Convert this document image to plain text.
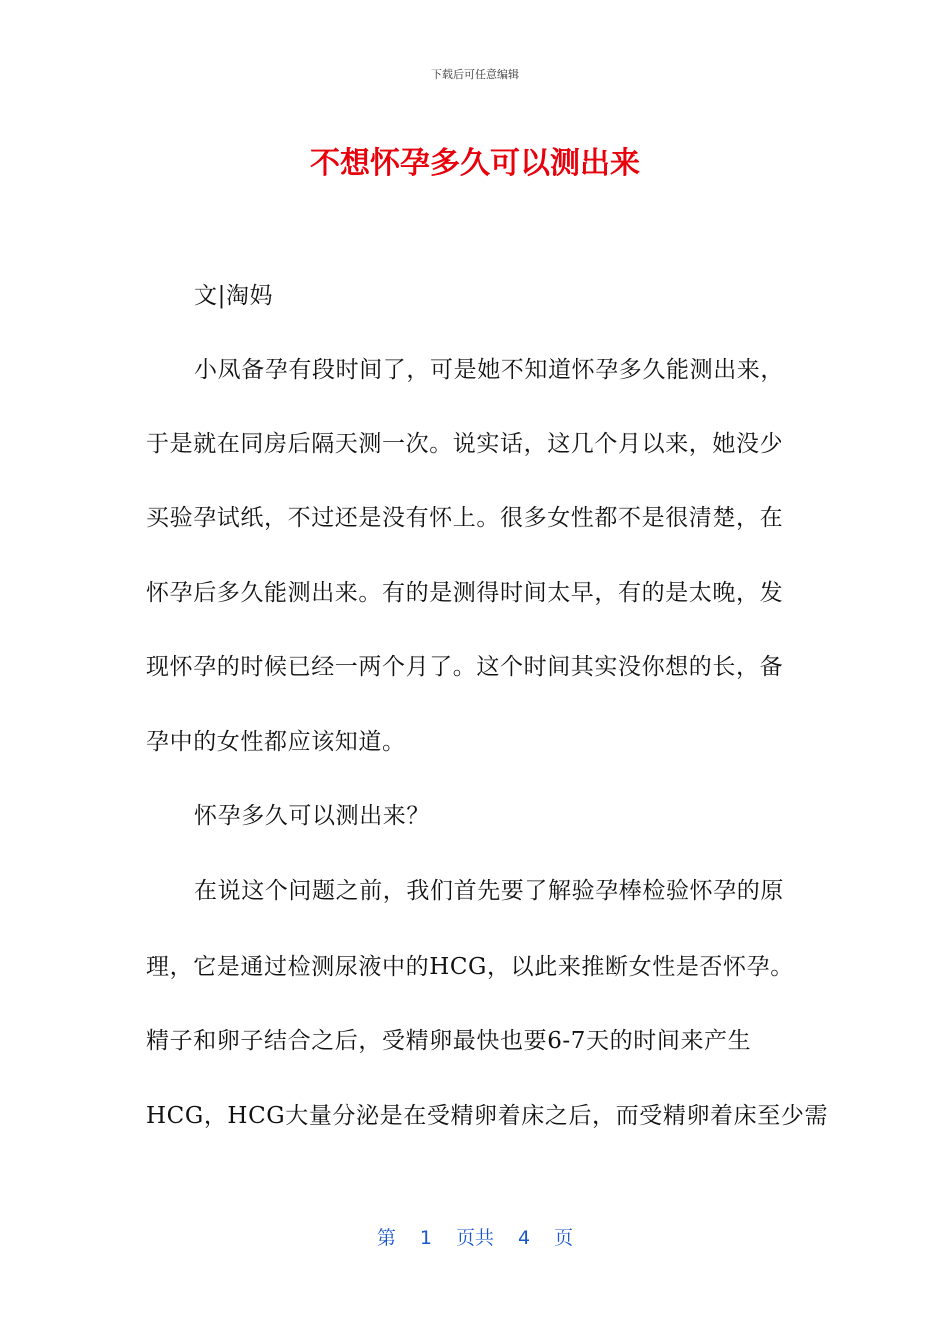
下载后可任意编辑
不想怀孕多久可以测出来

文|淘妈

小凤备孕有段时间了，可是她不知道怀孕多久能测出来，

于是就在同房后隔天测一次。说实话，这几个月以来，她没少

买验孕试纸，不过还是没有怀上。很多女性都不是很清楚，在

怀孕后多久能测出来。有的是测得时间太早，有的是太晚，发

现怀孕的时候已经一两个月了。这个时间其实没你想的长，备

孕中的女性都应该知道。

怀孕多久可以测出来？

在说这个问题之前，我们首先要了解验孕棒检验怀孕的原

理，它是通过检测尿液中的HCG，以此来推断女性是否怀孕。

精子和卵子结合之后，受精卵最快也要6-7天的时间来产生

HCG，HCG大量分泌是在受精卵着床之后，而受精卵着床至少需

第 1 页共 4 页
